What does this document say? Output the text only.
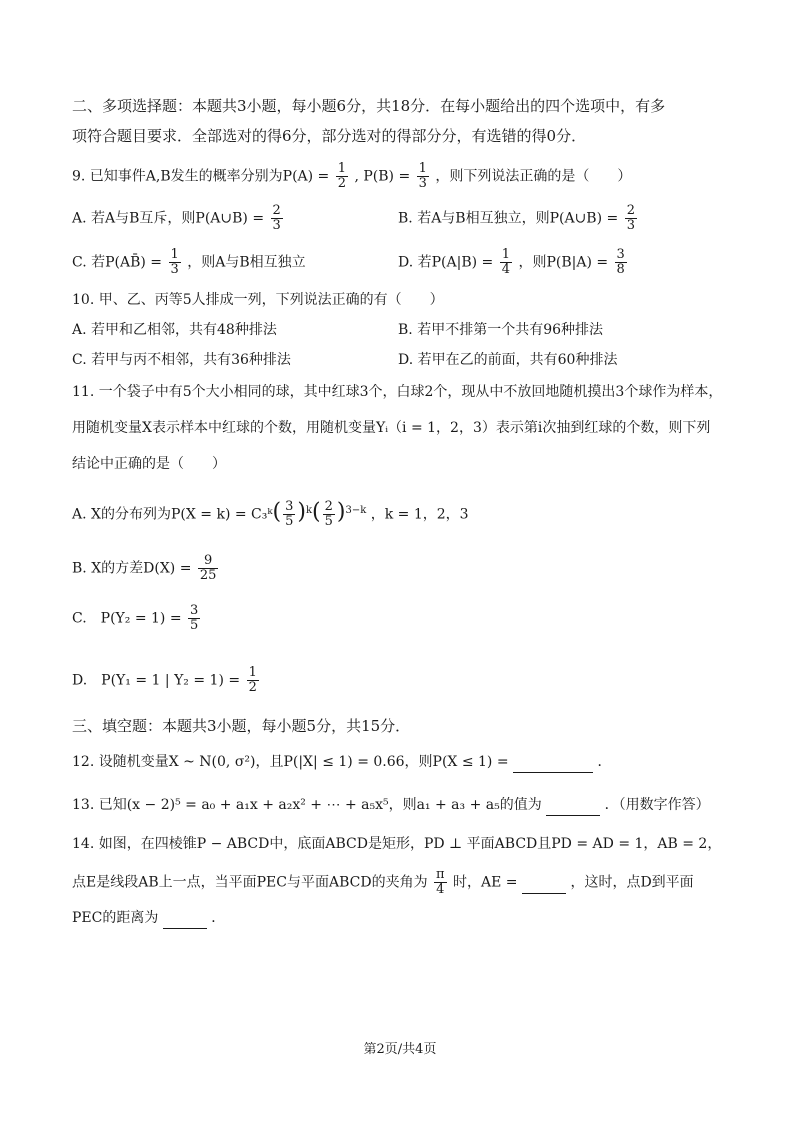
二、多项选择题：本题共3小题，每小题6分，共18分．在每小题给出的四个选项中，有多
项符合题目要求．全部选对的得6分，部分选对的得部分分，有选错的得0分．
9. 已知事件A,B发生的概率分别为$P(A) = \frac{1}{2}$ , $P(B) = \frac{1}{3}$ ，则下列说法正确的是（　　）
A. 若A与B互斥，则P(A∪B) = $\frac{2}{3}$	B. 若A与B相互独立，则P(A∪B) = $\frac{2}{3}$
C. 若P(AB̄) = $\frac{1}{3}$ ，则A与B相互独立	D. 若$P(A|B) = \frac{1}{4}$ ，则$P(B|A) = \frac{3}{8}$
10. 甲、乙、丙等5人排成一列，下列说法正确的有（　　）
A. 若甲和乙相邻，共有48种排法	B. 若甲不排第一个共有96种排法
C. 若甲与丙不相邻，共有36种排法	D. 若甲在乙的前面，共有60种排法
11. 一个袋子中有5个大小相同的球，其中红球3个，白球2个，现从中不放回地随机摸出3个球作为样本，
用随机变量X表示样本中红球的个数，用随机变量Yᵢ（i = 1，2，3）表示第i次抽到红球的个数，则下列
结论中正确的是（　　）
A. X的分布列为P(X = k) = C₃ᵏ( $\frac{3}{5} )^k( \frac{2}{5} )^{3-k}$ ，k = 1，2，3
B. X的方差$D(X) = \frac{9}{25}$
C.　$P(Y_2 = 1) = \frac{3}{5}$
D.　P(Y₁ = 1 | $Y_2 = 1) = \frac{1}{2}$
三、填空题：本题共3小题，每小题5分，共15分．
12. 设随机变量X ~ N(0, σ²)，且P(|X| ≤ 1) = 0.66，则P(X ≤ 1) =	．
13. 已知(x − 2)⁵ = a₀ + a₁x + a₂x² + ⋯ + a₅x⁵，则a₁ + a₃ + a₅的值为	．（用数字作答）
14. 如图，在四棱锥P − ABCD中，底面ABCD是矩形，PD ⊥ 平面ABCD且PD = AD = 1，AB = 2，
点E是线段AB上一点，当平面PEC与平面ABCD的夹角为 $\frac{\pi}{4}$ 时，AE =	，这时，点D到平面
PEC的距离为	．
第2页/共4页
